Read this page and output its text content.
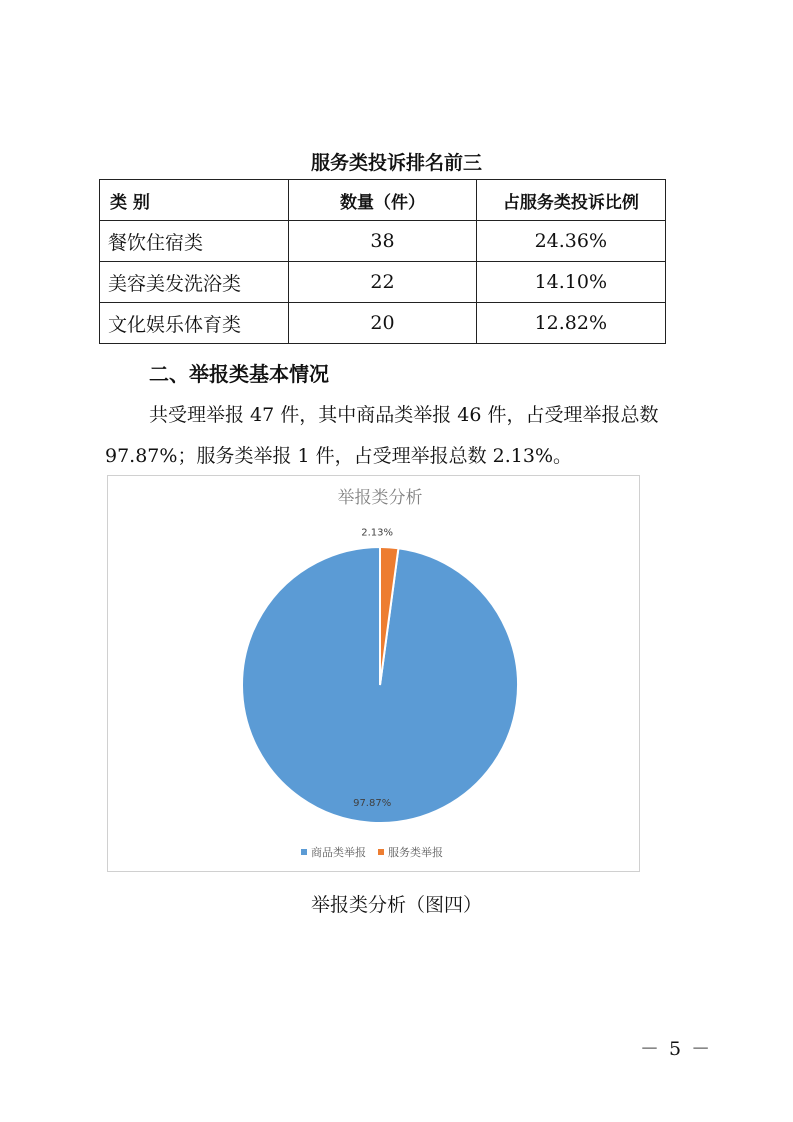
服务类投诉排名前三
类 别	数量（件）	占服务类投诉比例
餐饮住宿类	38	24.36%
美容美发洗浴类	22	14.10%
文化娱乐体育类	20	12.82%
二、举报类基本情况
共受理举报 47 件，其中商品类举报 46 件，占受理举报总数
97.87%；服务类举报 1 件，占受理举报总数 2.13%。
举报类分析
97.87%
2.13%
商品类举报 服务类举报
举报类分析（图四）
－ 5 －
